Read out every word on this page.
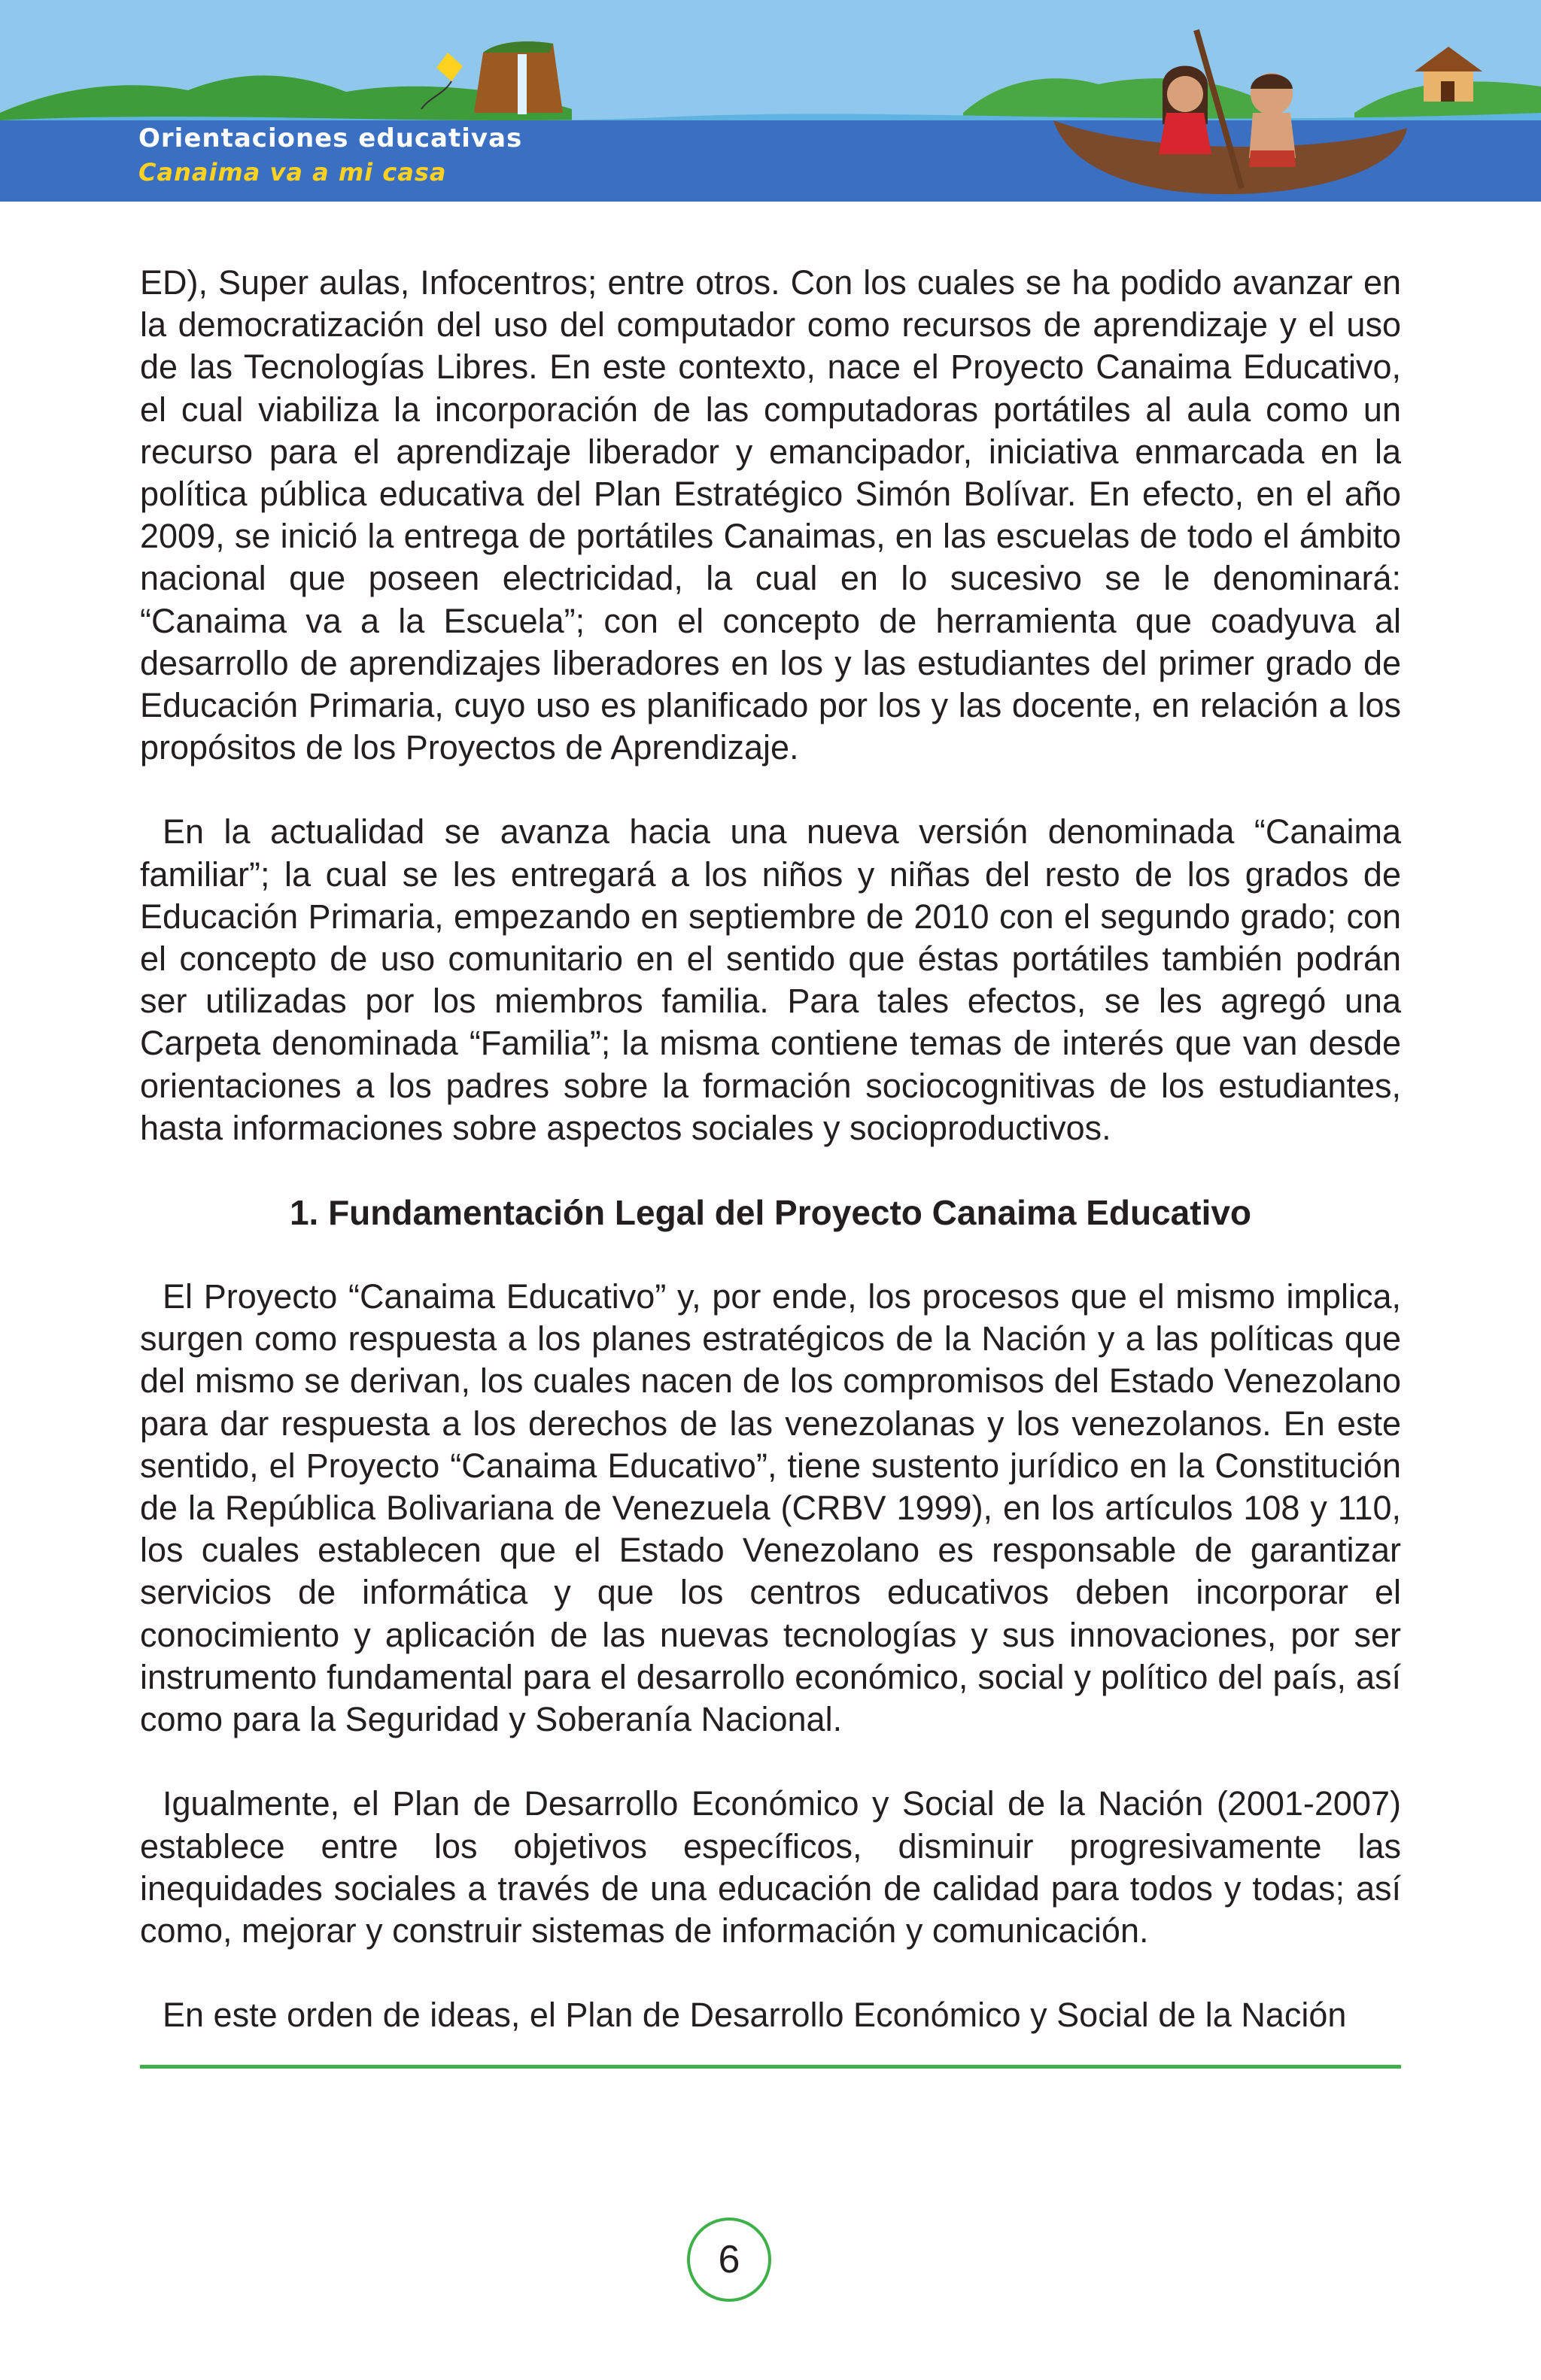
Orientaciones educativas
Canaima va a mi casa

ED), Super aulas, Infocentros; entre otros. Con los cuales se ha podido avanzar en la democratización del uso del computador como recursos de aprendizaje y el uso de las Tecnologías Libres. En este contexto, nace el Proyecto Canaima Educativo, el cual viabiliza la incorporación de las computadoras portátiles al aula como un recurso para el aprendizaje liberador y emancipador, iniciativa enmarcada en la política pública educativa del Plan Estratégico Simón Bolívar. En efecto, en el año 2009, se inició la entrega de portátiles Canaimas, en las escuelas de todo el ámbito nacional que poseen electricidad, la cual en lo sucesivo se le denominará: “Canaima va a la Escuela”; con el concepto de herramienta que coadyuva al desarrollo de aprendizajes liberadores en los y las estudiantes del primer grado de Educación Primaria, cuyo uso es planificado por los y las docente, en relación a los propósitos de los Proyectos de Aprendizaje.

En la actualidad se avanza hacia una nueva versión denominada “Canaima familiar”; la cual se les entregará a los niños y niñas del resto de los grados de Educación Primaria, empezando en septiembre de 2010 con el segundo grado; con el concepto de uso comunitario en el sentido que éstas portátiles también podrán ser utilizadas por los miembros familia. Para tales efectos, se les agregó una Carpeta denominada “Familia”; la misma contiene temas de interés que van desde orientaciones a los padres sobre la formación sociocognitivas de los estudiantes, hasta informaciones sobre aspectos sociales y socioproductivos.

1. Fundamentación Legal del Proyecto Canaima Educativo

El Proyecto “Canaima Educativo” y, por ende, los procesos que el mismo implica, surgen como respuesta a los planes estratégicos de la Nación y a las políticas que del mismo se derivan, los cuales nacen de los compromisos del Estado Venezolano para dar respuesta a los derechos de las venezolanas y los venezolanos. En este sentido, el Proyecto “Canaima Educativo”, tiene sustento jurídico en la Constitución de la República Bolivariana de Venezuela (CRBV 1999), en los artículos 108 y 110, los cuales establecen que el Estado Venezolano es responsable de garantizar servicios de informática y que los centros educativos deben incorporar el conocimiento y aplicación de las nuevas tecnologías y sus innovaciones, por ser instrumento fundamental para el desarrollo económico, social y político del país, así como para la Seguridad y Soberanía Nacional.

Igualmente, el Plan de Desarrollo Económico y Social de la Nación (2001-2007) establece entre los objetivos específicos, disminuir progresivamente las inequidades sociales a través de una educación de calidad para todos y todas; así como, mejorar y construir sistemas de información y comunicación.

En este orden de ideas, el Plan de Desarrollo Económico y Social de la Nación

6
